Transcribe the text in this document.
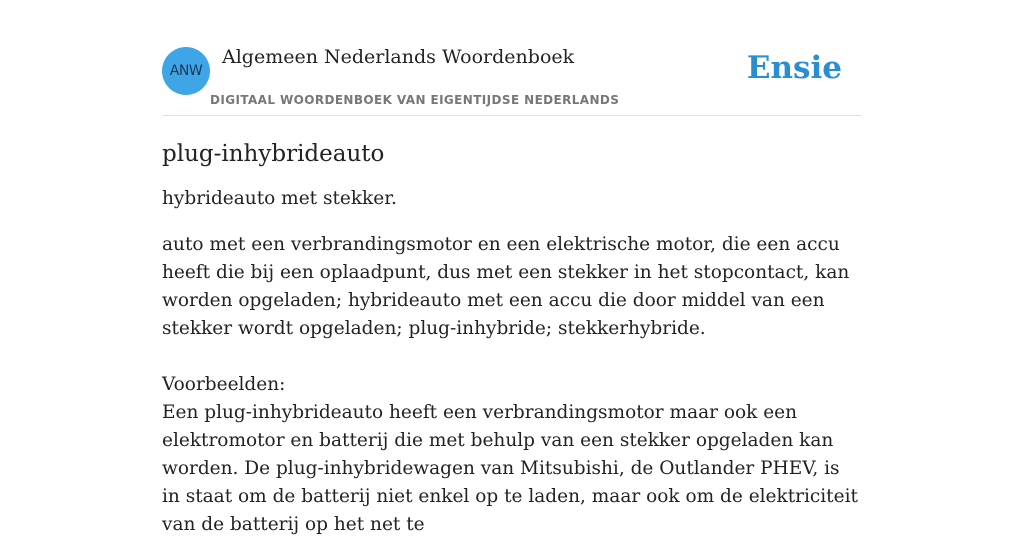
ANW
Algemeen Nederlands Woordenboek
DIGITAAL WOORDENBOEK VAN EIGENTIJDSE NEDERLANDS
Ensie
plug-inhybrideauto

hybrideauto met stekker.

auto met een verbrandingsmotor en een elektrische motor, die een accu heeft die bij een oplaadpunt, dus met een stekker in het stopcontact, kan worden opgeladen; hybrideauto met een accu die door middel van een stekker wordt opgeladen; plug-inhybride; stekkerhybride.

Voorbeelden:

Een plug-inhybrideauto heeft een verbrandingsmotor maar ook een elektromotor en batterij die met behulp van een stekker opgeladen kan worden. De plug-inhybridewagen van Mitsubishi, de Outlander PHEV, is in staat om de batterij niet enkel op te laden, maar ook om de elektriciteit van de batterij op het net te
